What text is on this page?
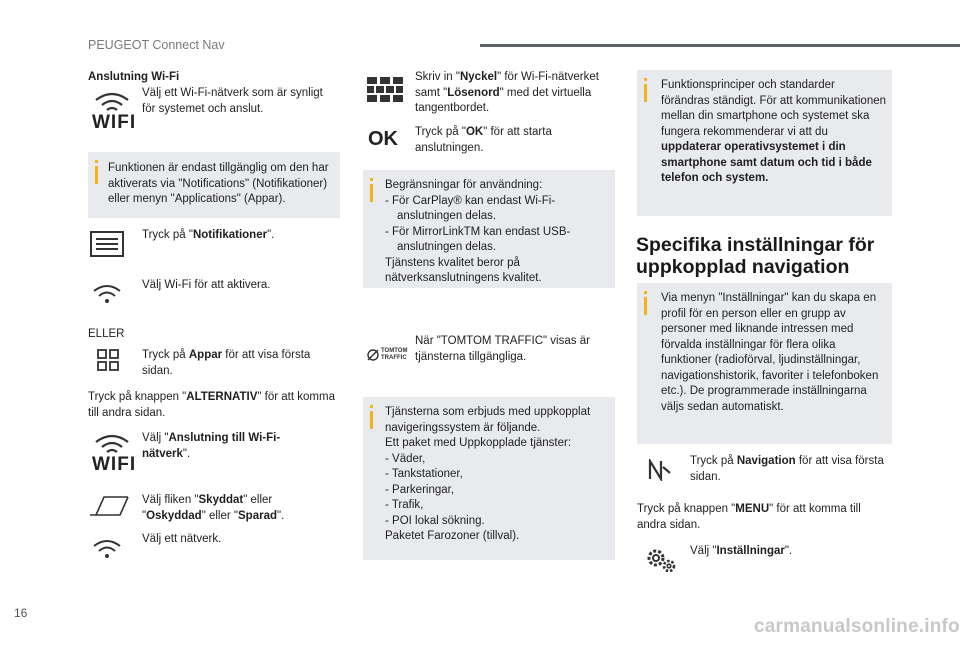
PEUGEOT Connect Nav
Anslutning Wi-Fi
WIFI
Välj ett Wi-Fi-nätverk som är synligt för systemet och anslut.
Funktionen är endast tillgänglig om den har aktiverats via "Notifications" (Notifikationer) eller menyn "Applications" (Appar).
Tryck på "Notifikationer".
Välj Wi-Fi för att aktivera.
ELLER
Tryck på Appar för att visa första sidan.
Tryck på knappen "ALTERNATIV" för att komma till andra sidan.
WIFI
Välj "Anslutning till Wi-Fi-nätverk".
Välj fliken "Skyddat" eller "Oskyddad" eller "Sparad".
Välj ett nätverk.
Skriv in "Nyckel" för Wi-Fi-nätverket samt "Lösenord" med det virtuella tangentbordet.
OK Tryck på "OK" för att starta anslutningen.
Begränsningar för användning:
- För CarPlay® kan endast Wi-Fi-anslutningen delas.
- För MirrorLinkTM kan endast USB-anslutningen delas.
Tjänstens kvalitet beror på nätverksanslutningens kvalitet.
TOMTOM TRAFFIC
När "TOMTOM TRAFFIC" visas är tjänsterna tillgängliga.
Tjänsterna som erbjuds med uppkopplat navigeringssystem är följande.
Ett paket med Uppkopplade tjänster:
- Väder,
- Tankstationer,
- Parkeringar,
- Trafik,
- POI lokal sökning.
Paketet Farozoner (tillval).
Funktionsprinciper och standarder förändras ständigt. För att kommunikationen mellan din smartphone och systemet ska fungera rekommenderar vi att du uppdaterar operativsystemet i din smartphone samt datum och tid i både telefon och system.
Specifika inställningar för uppkopplad navigation
Via menyn "Inställningar" kan du skapa en profil för en person eller en grupp av personer med liknande intressen med förvalda inställningar för flera olika funktioner (radioförval, ljudinställningar, navigationshistorik, favoriter i telefonboken etc.). De programmerade inställningarna väljs sedan automatiskt.
Tryck på Navigation för att visa första sidan.
Tryck på knappen "MENU" för att komma till andra sidan.
Välj "Inställningar".
16
carmanualsonline.info
